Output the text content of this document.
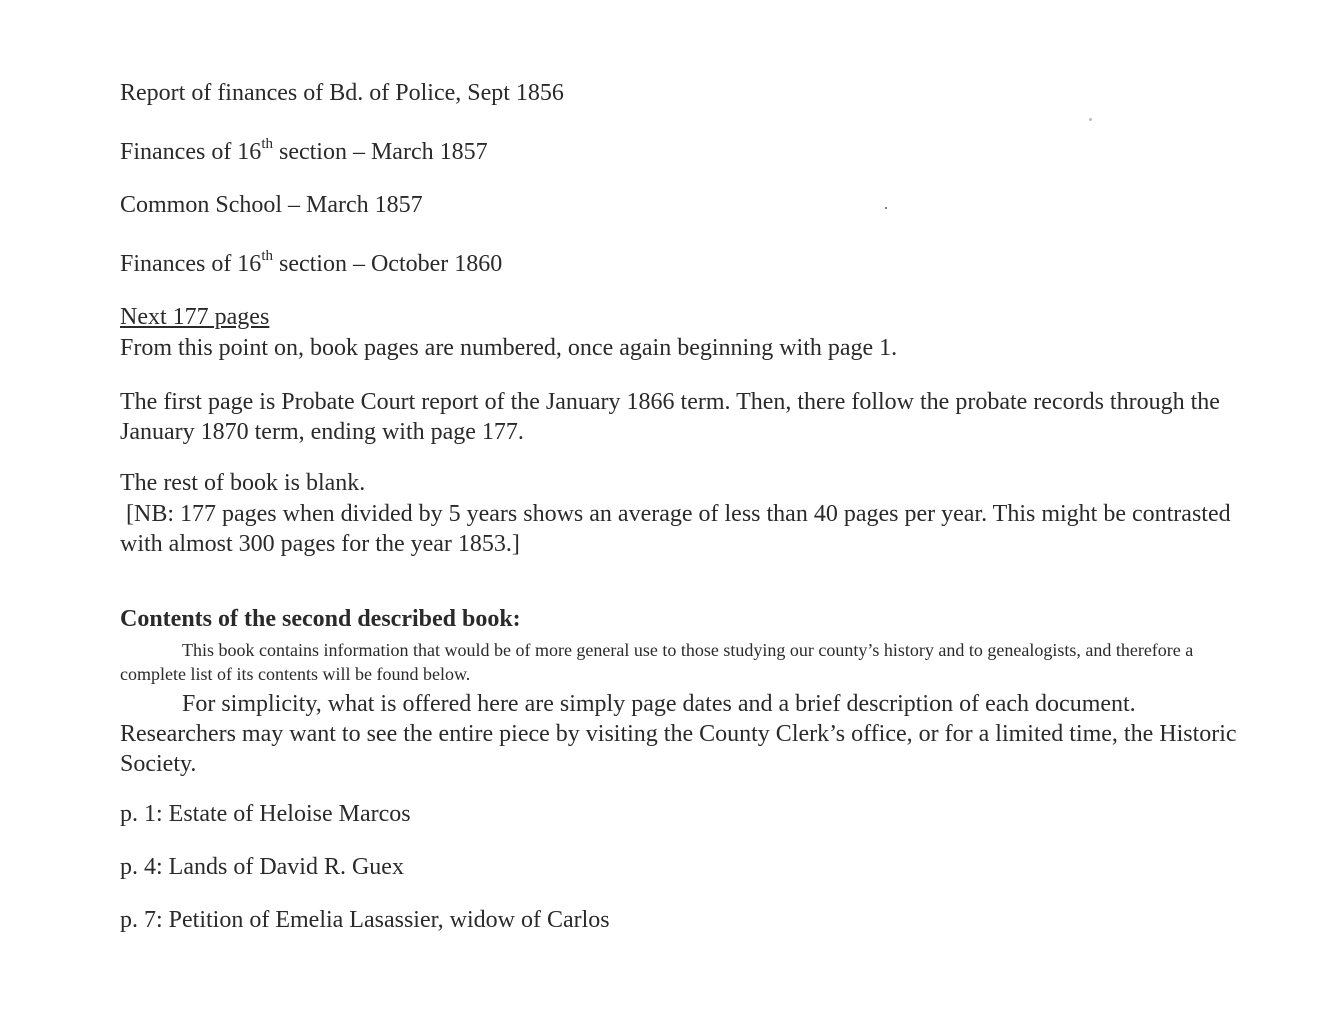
Report of finances of Bd. of Police, Sept 1856
Finances of 16th section – March 1857
Common School – March 1857
Finances of 16th section – October 1860
Next 177 pages
From this point on, book pages are numbered, once again beginning with page 1.
The first page is Probate Court report of the January 1866 term. Then, there follow the probate records through the January 1870 term, ending with page 177.
The rest of book is blank.
[NB: 177 pages when divided by 5 years shows an average of less than 40 pages per year. This might be contrasted with almost 300 pages for the year 1853.]
Contents of the second described book:
This book contains information that would be of more general use to those studying our county’s history and to genealogists, and therefore a complete list of its contents will be found below.
For simplicity, what is offered here are simply page dates and a brief description of each document. Researchers may want to see the entire piece by visiting the County Clerk’s office, or for a limited time, the Historic Society.
p. 1: Estate of Heloise Marcos
p. 4: Lands of David R. Guex
p. 7: Petition of Emelia Lasassier, widow of Carlos
